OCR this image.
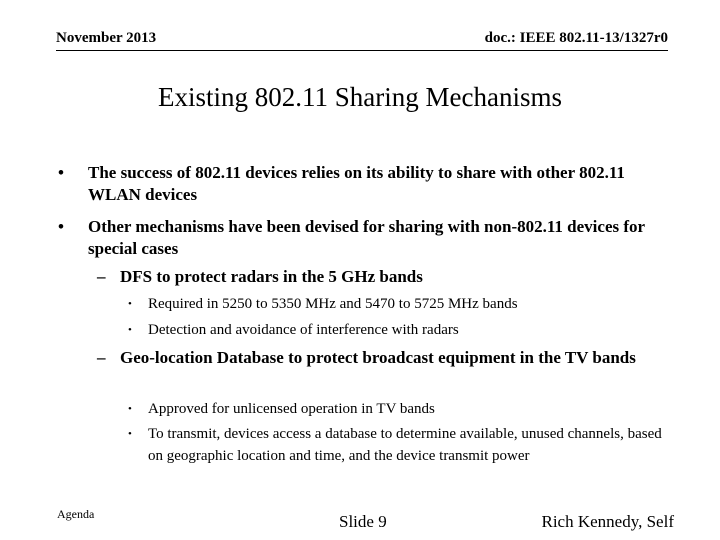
November 2013	doc.: IEEE 802.11-13/1327r0
Existing 802.11 Sharing Mechanisms
• The success of 802.11 devices relies on its ability to share with other 802.11 WLAN devices
• Other mechanisms have been devised for sharing with non-802.11 devices for special cases
– DFS to protect radars in the 5 GHz bands
• Required in 5250 to 5350 MHz and 5470 to 5725 MHz bands
• Detection and avoidance of interference with radars
– Geo-location Database to protect broadcast equipment in the TV bands
• Approved for unlicensed operation in TV bands
• To transmit, devices access a database to determine available, unused channels, based on geographic location and time, and the device transmit power
Agenda	Slide 9	Rich Kennedy, Self
